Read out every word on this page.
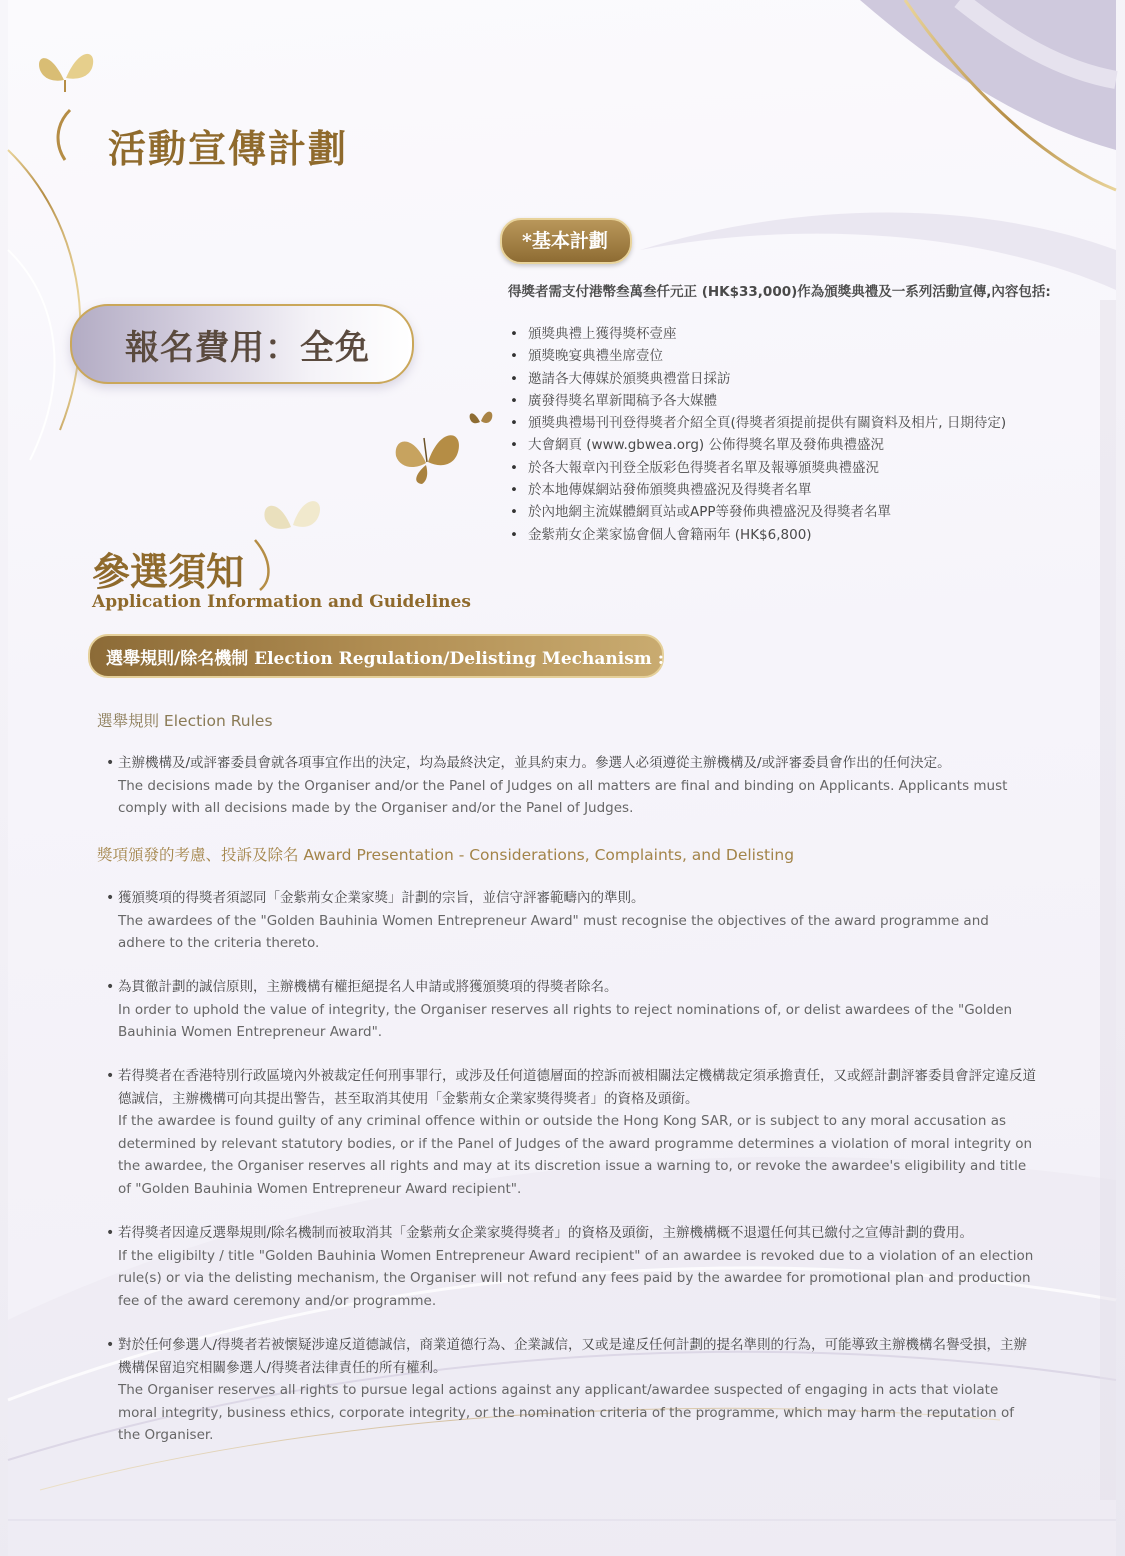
活動宣傳計劃
報名費用：全免
*基本計劃
得獎者需支付港幣叁萬叁仟元正 (HK$33,000)作為頒獎典禮及一系列活動宣傳,內容包括:
• 頒獎典禮上獲得獎杯壹座
• 頒獎晚宴典禮坐席壹位
• 邀請各大傳媒於頒獎典禮當日採訪
• 廣發得獎名單新聞稿予各大媒體
• 頒獎典禮場刊刊登得獎者介紹全頁(得獎者須提前提供有關資料及相片, 日期待定)
• 大會網頁 (www.gbwea.org) 公佈得獎名單及發佈典禮盛況
• 於各大報章內刊登全版彩色得獎者名單及報導頒獎典禮盛況
• 於本地傳媒網站發佈頒獎典禮盛況及得獎者名單
• 於內地網主流媒體網頁站或APP等發佈典禮盛況及得獎者名單
• 金紫荊女企業家協會個人會籍兩年 (HK$6,800)
參選須知
Application Information and Guidelines
選舉規則/除名機制 Election Regulation/Delisting Mechanism :
選舉規則 Election Rules
• 主辦機構及/或評審委員會就各項事宜作出的決定，均為最終決定，並具約束力。參選人必須遵從主辦機構及/或評審委員會作出的任何決定。
The decisions made by the Organiser and/or the Panel of Judges on all matters are final and binding on Applicants. Applicants must comply with all decisions made by the Organiser and/or the Panel of Judges.
獎項頒發的考慮、投訴及除名 Award Presentation - Considerations, Complaints, and Delisting
• 獲頒獎項的得獎者須認同「金紫荊女企業家獎」計劃的宗旨，並信守評審範疇內的準則。
The awardees of the "Golden Bauhinia Women Entrepreneur Award" must recognise the objectives of the award programme and adhere to the criteria thereto.
• 為貫徹計劃的誠信原則，主辦機構有權拒絕提名人申請或將獲頒獎項的得獎者除名。
In order to uphold the value of integrity, the Organiser reserves all rights to reject nominations of, or delist awardees of the "Golden Bauhinia Women Entrepreneur Award".
• 若得獎者在香港特別行政區境內外被裁定任何刑事罪行，或涉及任何道德層面的控訴而被相關法定機構裁定須承擔責任，又或經計劃評審委員會評定違反道德誠信，主辦機構可向其提出警告，甚至取消其使用「金紫荊女企業家獎得獎者」的資格及頭銜。
If the awardee is found guilty of any criminal offence within or outside the Hong Kong SAR, or is subject to any moral accusation as determined by relevant statutory bodies, or if the Panel of Judges of the award programme determines a violation of moral integrity on the awardee, the Organiser reserves all rights and may at its discretion issue a warning to, or revoke the awardee's eligibility and title of "Golden Bauhinia Women Entrepreneur Award recipient".
• 若得獎者因違反選舉規則/除名機制而被取消其「金紫荊女企業家獎得獎者」的資格及頭銜，主辦機構概不退還任何其已繳付之宣傳計劃的費用。
If the eligibilty / title "Golden Bauhinia Women Entrepreneur Award recipient" of an awardee is revoked due to a violation of an election rule(s) or via the delisting mechanism, the Organiser will not refund any fees paid by the awardee for promotional plan and production fee of the award ceremony and/or programme.
• 對於任何參選人/得獎者若被懷疑涉違反道德誠信，商業道德行為、企業誠信，又或是違反任何計劃的提名準則的行為，可能導致主辦機構名譽受損，主辦機構保留追究相關參選人/得獎者法律責任的所有權利。
The Organiser reserves all rights to pursue legal actions against any applicant/awardee suspected of engaging in acts that violate moral integrity, business ethics, corporate integrity, or the nomination criteria of the programme, which may harm the reputation of the Organiser.
